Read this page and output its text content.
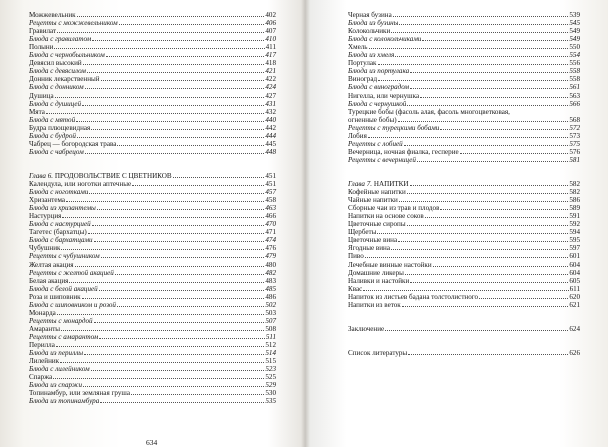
Можжевельник	402
Рецепты с можжевельником	406
Гравилат	407
Блюда с гравилатом	410
Полыни	411
Блюда с чернобыльником	417
Девясил высокий	418
Блюда с девясилом	421
Донник лекарственный	422
Блюда с донником	424
Душица	427
Блюда с душицей	431
Мята	432
Блюда с мятой	440
Будра плющевидная	442
Блюда с будрой	444
Чабрец — богородская трава	445
Блюда с чабрецом	448
Глава 6. ПРОДОВОЛЬСТВИЕ С ЦВЕТНИКОВ	451
Календула, или ноготки аптечные	451
Блюда с ноготками	457
Хризантема	458
Блюда из хризантемы	463
Настурция	466
Блюда с настурцией	470
Тагетес (бархатцы)	471
Блюда с бархатцами	474
Чубушник	476
Рецепты с чубушником	479
Желтая акация	480
Рецепты с желтой акацией	482
Белая акация	483
Блюда с белой акацией	485
Роза и шиповник	486
Блюда с шиповником и розой	502
Монарда	503
Рецепты с монардой	507
Амаранты	508
Рецепты с амарантом	511
Перилла	512
Блюда из периллы	514
Лилейник	515
Блюда с лилейником	523
Спаржа	525
Блюда из спаржи	529
Топинамбур, или земляная груша	530
Блюда из топинамбура	535
634
Черная бузина	539
Блюда из бузины	545
Колокольчики	549
Блюда с колокольчиками	549
Хмель	550
Блюда из хмеля	554
Портулак	556
Блюда из портулака	558
Виноград	558
Блюда с виноградом	561
Нигелла, или чернушка	563
Блюда с чернушкой	566
Турецкие бобы (фасоль алая, фасоль многоцветковая,
огненные бобы)	568
Рецепты с турецкими бобами	572
Лобия	573
Рецепты с лобией	575
Вечерница, ночная фиалка, гесперие	576
Рецепты с вечерницей	581
Глава 7. НАПИТКИ	582
Кофейные напитки	582
Чайные напитки	586
Сборные чаи из трав и плодов	589
Напитки на основе соков	591
Цветочные сиропы	592
Щербеты	594
Цветочные вина	595
Ягодные вина	597
Пиво	601
Лечебные винные настойки	604
Домашние ликеры	604
Наливки и настойки	605
Квас	611
Напиток из листьев бадана толстолистного	620
Напитки из веток	621
Заключение	624
Список литературы	626
